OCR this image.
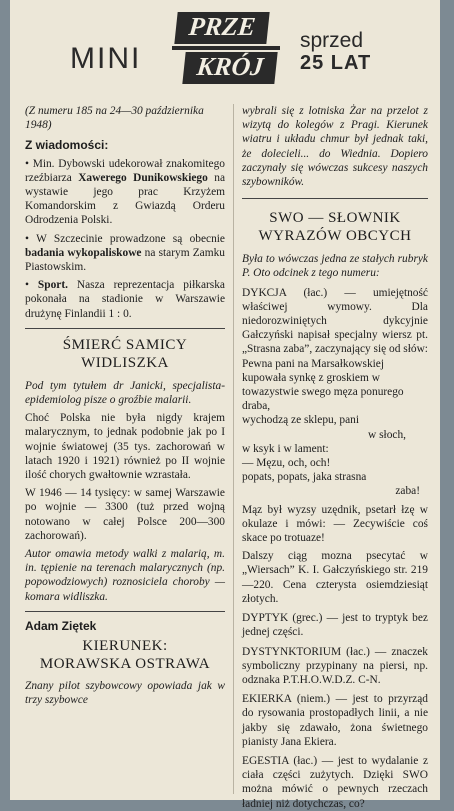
MINI
PRZE
KRÓJ
sprzed
25 LAT

(Z numeru 185 na 24—30 października 1948)

Z wiadomości:

• Min. Dybowski udekorował znakomitego rzeźbiarza Xawerego Dunikowskiego na wystawie jego prac Krzyżem Komandorskim z Gwiazdą Orderu Odrodzenia Polski.

• W Szczecinie prowadzone są obecnie badania wykopaliskowe na starym Zamku Piastowskim.

• Sport. Nasza reprezentacja piłkarska pokonała na stadionie w Warszawie drużynę Finlandii 1 : 0.

ŚMIERĆ SAMICY WIDLISZKA

Pod tym tytułem dr Janicki, specjalista-epidemiolog pisze o groźbie malarii.

Choć Polska nie była nigdy krajem malarycznym, to jednak podobnie jak po I wojnie światowej (35 tys. zachorowań w latach 1920 i 1921) również po II wojnie ilość chorych gwałtownie wzrastała.

W 1946 — 14 tysięcy: w samej Warszawie po wojnie — 3300 (tuż przed wojną notowano w całej Polsce 200—300 zachorowań).

Autor omawia metody walki z malarią, m. in. tępienie na terenach malarycznych (np. popowodziowych) roznosiciela choroby — komara widliszka.

Adam Ziętek
KIERUNEK:
MORAWSKA OSTRAWA

Znany pilot szybowcowy opowiada jak w trzy szybowce

wybrali się z lotniska Żar na przelot z wizytą do kolegów z Pragi. Kierunek wiatru i układu chmur był jednak taki, że dolecieli... do Wiednia. Dopiero zaczynały się wówczas sukcesy naszych szybowników.

SWO — SŁOWNIK
WYRAZÓW OBCYCH

Była to wówczas jedna ze stałych rubryk P. Oto odcinek z tego numeru:

DYKCJA (łac.) — umiejętność właściwej wymowy. Dla niedorozwiniętych dykcyjnie Gałczyński napisał specjalny wiersz pt. „Strasna zaba”, zaczynający się od słów:

Pewna pani na Marsałkowskiej kupowała synkę z groskiem w towazystwie swego męza ponurego draba,

wychodzą ze sklepu, pani

w słoch,

w ksyk i w lament:

— Męzu, och, och!

popats, popats, jaka strasna

zaba!

Mąz był wyzsy uzędnik, psetarł łzę w okulaze i mówi: — Zecywiście coś skace po trotuaze!

Dalszy ciąg mozna psecytać w „Wiersach” K. I. Gałczyńskiego str. 219—220. Cena czterysta osiemdziesiąt złotych.

DYPTYK (grec.) — jest to tryptyk bez jednej części.

DYSTYNKTORIUM (łac.) — znaczek symboliczny przypinany na piersi, np. odznaka P.T.H.O.W.D.Z. C-N.

EKIERKA (niem.) — jest to przyrząd do rysowania prostopadłych linii, a nie jakby się zdawało, żona świetnego pianisty Jana Ekiera.

EGESTIA (łac.) — jest to wydalanie z ciała części zużytych. Dzięki SWO można mówić o pewnych rzeczach ładniej niż dotychczas, co?
